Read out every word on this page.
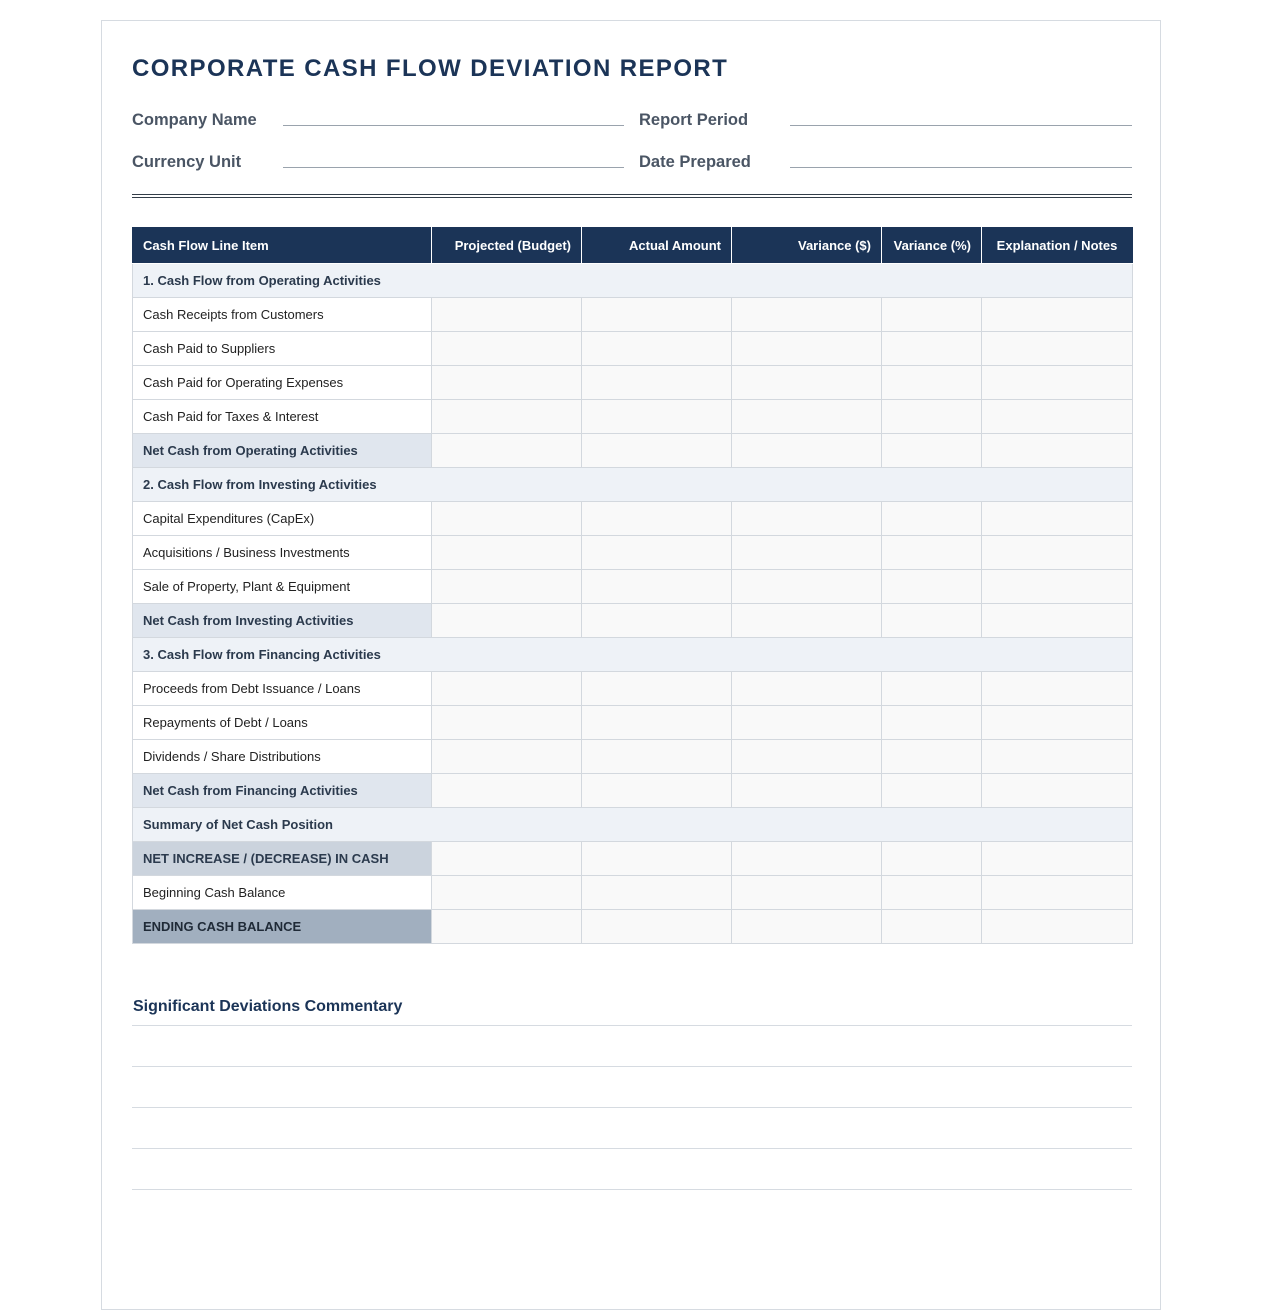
CORPORATE CASH FLOW DEVIATION REPORT
Company Name	Report Period
Currency Unit	Date Prepared
Cash Flow Line Item	Projected (Budget)	Actual Amount	Variance ($)	Variance (%)	Explanation / Notes
1. Cash Flow from Operating Activities					
Cash Receipts from Customers					
Cash Paid to Suppliers					
Cash Paid for Operating Expenses					
Cash Paid for Taxes & Interest					
Net Cash from Operating Activities					
2. Cash Flow from Investing Activities					
Capital Expenditures (CapEx)					
Acquisitions / Business Investments					
Sale of Property, Plant & Equipment					
Net Cash from Investing Activities					
3. Cash Flow from Financing Activities					
Proceeds from Debt Issuance / Loans					
Repayments of Debt / Loans					
Dividends / Share Distributions					
Net Cash from Financing Activities					
Summary of Net Cash Position					
NET INCREASE / (DECREASE) IN CASH					
Beginning Cash Balance					
ENDING CASH BALANCE					
Significant Deviations Commentary
